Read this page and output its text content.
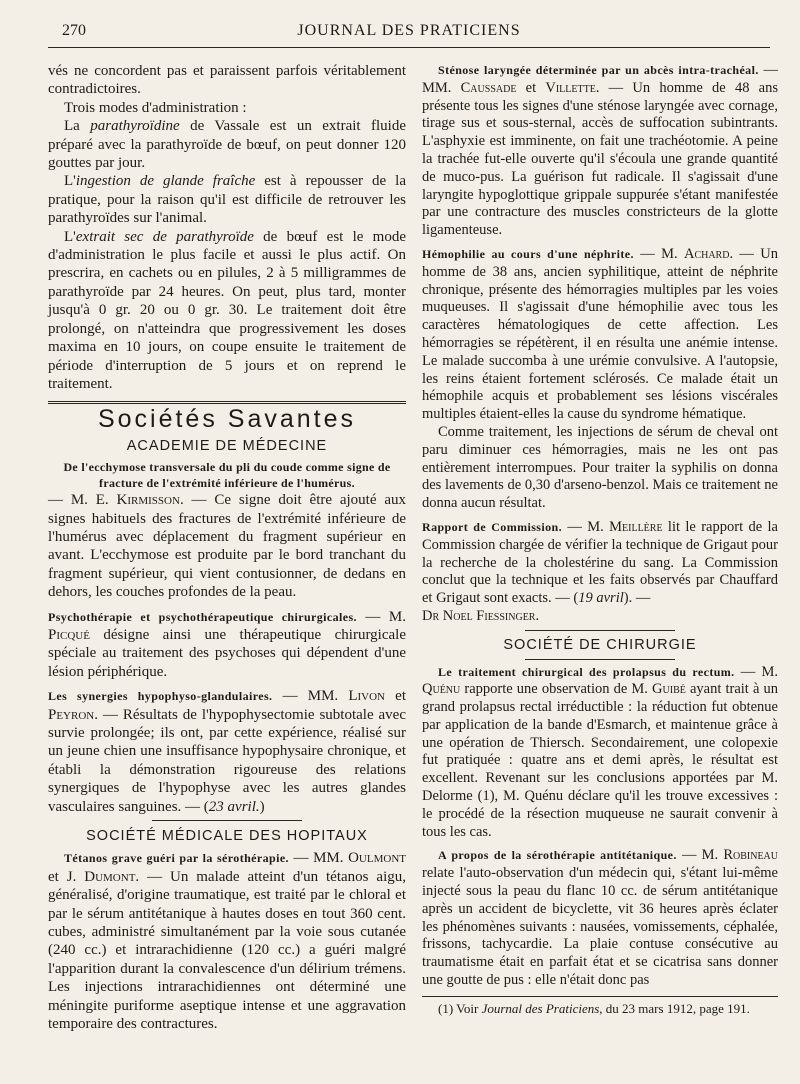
270	JOURNAL DES PRATICIENS

vés ne concordent pas et paraissent parfois véritablement contradictoires.

Trois modes d'administration :

La parathyroïdine de Vassale est un extrait fluide préparé avec la parathyroïde de bœuf, on peut donner 120 gouttes par jour.

L'ingestion de glande fraîche est à repousser de la pratique, pour la raison qu'il est difficile de retrouver les parathyroïdes sur l'animal.

L'extrait sec de parathyroïde de bœuf est le mode d'administration le plus facile et aussi le plus actif. On prescrira, en cachets ou en pilules, 2 à 5 milligrammes de parathyroïde par 24 heures. On peut, plus tard, monter jusqu'à 0 gr. 20 ou 0 gr. 30. Le traitement doit être prolongé, on n'atteindra que progressivement les doses maxima en 10 jours, on coupe ensuite le traitement de période d'interruption de 5 jours et on reprend le traitement.

Sociétés Savantes
ACADEMIE DE MÉDECINE
De l'ecchymose transversale du pli du coude comme signe de fracture de l'extrémité inférieure de l'humérus.

— M. E. Kirmisson. — Ce signe doit être ajouté aux signes habituels des fractures de l'extrémité inférieure de l'humérus avec déplacement du fragment supérieur en avant. L'ecchymose est produite par le bord tranchant du fragment supérieur, qui vient contusionner, de dedans en dehors, les couches profondes de la peau.

Psychothérapie et psychothérapeutique chirurgicales. — M. Picqué désigne ainsi une thérapeutique chirurgicale spéciale au traitement des psychoses qui dépendent d'une lésion périphérique.

Les synergies hypophyso-glandulaires. — MM. Livon et Peyron. — Résultats de l'hypophysectomie subtotale avec survie prolongée; ils ont, par cette expérience, réalisé sur un jeune chien une insuffisance hypophysaire chronique, et établi la démonstration rigoureuse des relations synergiques de l'hypophyse avec les autres glandes vasculaires sanguines. — (23 avril.)

SOCIÉTÉ MÉDICALE DES HOPITAUX

Tétanos grave guéri par la sérothérapie. — MM. Oulmont et J. Dumont. — Un malade atteint d'un tétanos aigu, généralisé, d'origine traumatique, est traité par le chloral et par le sérum antitétanique à hautes doses en tout 360 cent. cubes, administré simultanément par la voie sous cutanée (240 cc.) et intrarachidienne (120 cc.) a guéri malgré l'apparition durant la convalescence d'un délirium trémens. Les injections intrarachidiennes ont déterminé une méningite puriforme aseptique intense et une aggravation temporaire des contractures.

Sténose laryngée déterminée par un abcès intra-trachéal. — MM. Caussade et Villette. — Un homme de 48 ans présente tous les signes d'une sténose laryngée avec cornage, tirage sus et sous-sternal, accès de suffocation subintrants. L'asphyxie est imminente, on fait une trachéotomie. A peine la trachée fut-elle ouverte qu'il s'écoula une grande quantité de muco-pus. La guérison fut radicale. Il s'agissait d'une laryngite hypoglottique grippale suppurée s'étant manifestée par une contracture des muscles constricteurs de la glotte ligamenteuse.

Hémophilie au cours d'une néphrite. — M. Achard. — Un homme de 38 ans, ancien syphilitique, atteint de néphrite chronique, présente des hémorragies multiples par les voies muqueuses. Il s'agissait d'une hémophilie avec tous les caractères hématologiques de cette affection. Les hémorragies se répétèrent, il en résulta une anémie intense. Le malade succomba à une urémie convulsive. A l'autopsie, les reins étaient fortement sclérosés. Ce malade était un hémophile acquis et probablement ses lésions viscérales multiples étaient-elles la cause du syndrome hématique.

Comme traitement, les injections de sérum de cheval ont paru diminuer ces hémorragies, mais ne les ont pas entièrement interrompues. Pour traiter la syphilis on donna des lavements de 0,30 d'arseno-benzol. Mais ce traitement ne donna aucun résultat.

Rapport de Commission. — M. Meillère lit le rapport de la Commission chargée de vérifier la technique de Grigaut pour la recherche de la cholestérine du sang. La Commission conclut que la technique et les faits observés par Chauffard et Grigaut sont exacts. — (19 avril). —

Dr Noel Fiessinger.

SOCIÉTÉ DE CHIRURGIE

Le traitement chirurgical des prolapsus du rectum. — M. Quénu rapporte une observation de M. Guibé ayant trait à un grand prolapsus rectal irréductible : la réduction fut obtenue par application de la bande d'Esmarch, et maintenue grâce à une opération de Thiersch. Secondairement, une colopexie fut pratiquée : quatre ans et demi après, le résultat est excellent. Revenant sur les conclusions apportées par M. Delorme (1), M. Quénu déclare qu'il les trouve excessives : le procédé de la résection muqueuse ne saurait convenir à tous les cas.

A propos de la sérothérapie antitétanique. — M. Robineau relate l'auto-observation d'un médecin qui, s'étant lui-même injecté sous la peau du flanc 10 cc. de sérum antitétanique après un accident de bicyclette, vit 36 heures après éclater les phénomènes suivants : nausées, vomissements, céphalée, frissons, tachycardie. La plaie contuse consécutive au traumatisme était en parfait état et se cicatrisa sans donner une goutte de pus : elle n'était donc pas

(1) Voir Journal des Praticiens, du 23 mars 1912, page 191.
